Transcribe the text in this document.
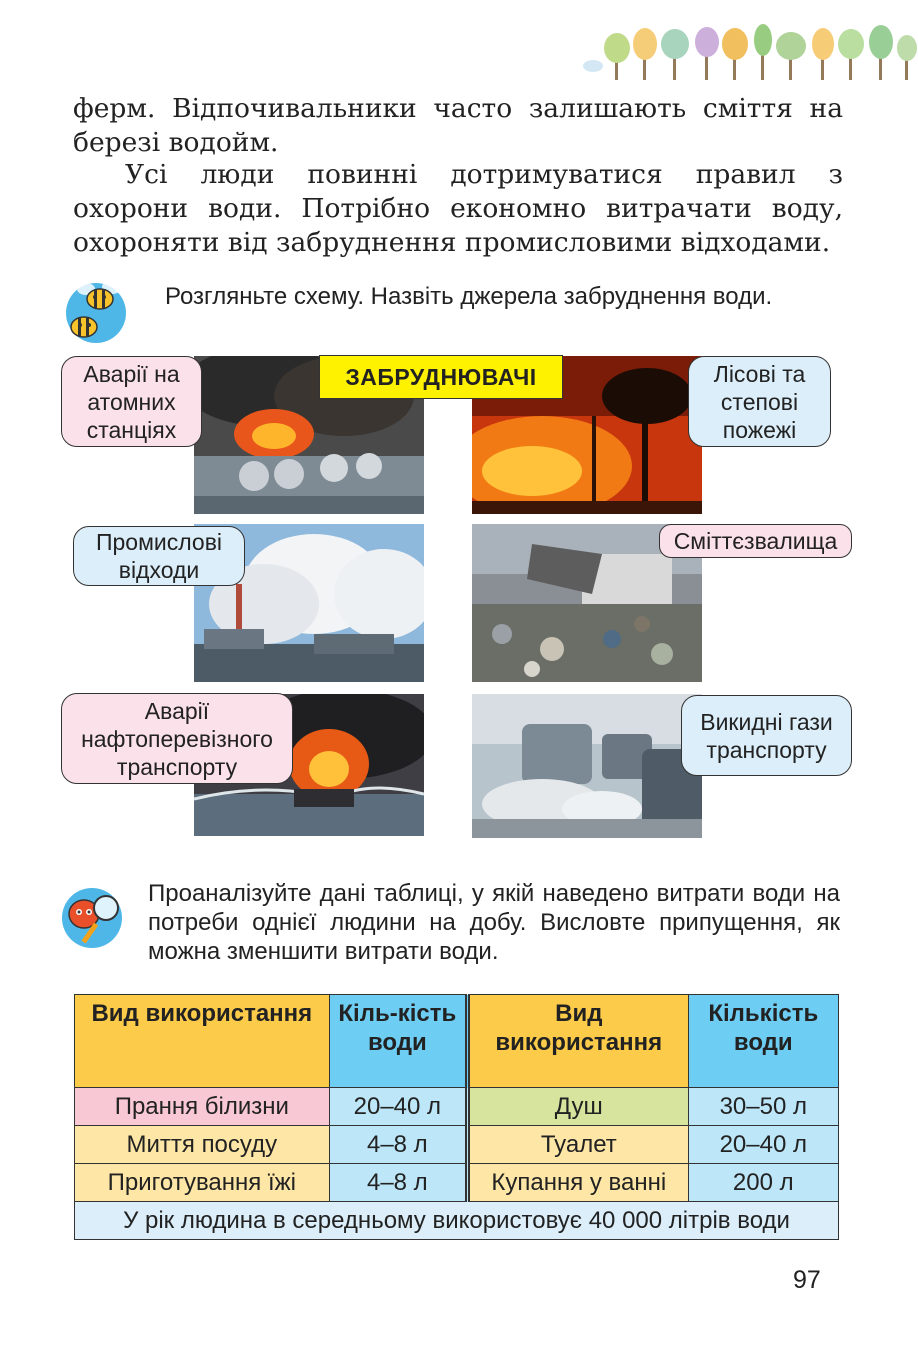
ферм. Відпочивальники часто залишають сміття на березі водойм.

Усі люди повинні дотримуватися правил з охорони води. Потрібно економно витрачати воду, охороняти від забруднення промисловими відходами.

Розгляньте схему. Назвіть джерела забруднення води.

ЗАБРУДНЮВАЧІ
Аварії на атомних станціях
Лісові та степові пожежі
Промислові відходи
Сміттєзвалища
Аварії нафтоперевізного транспорту
Викидні гази транспорту

Проаналізуйте дані таблиці, у якій наведено витрати води на потреби однієї людини на добу. Висловте припущення, як можна зменшити витрати води.

Вид використання	Кіль-кість води	Вид використання	Кількість води
Прання білизни	20–40 л	Душ	30–50 л
Миття посуду	4–8 л	Туалет	20–40 л
Приготування їжі	4–8 л	Купання у ванні	200 л
У рік людина в середньому використовує 40 000 літрів води			
97
